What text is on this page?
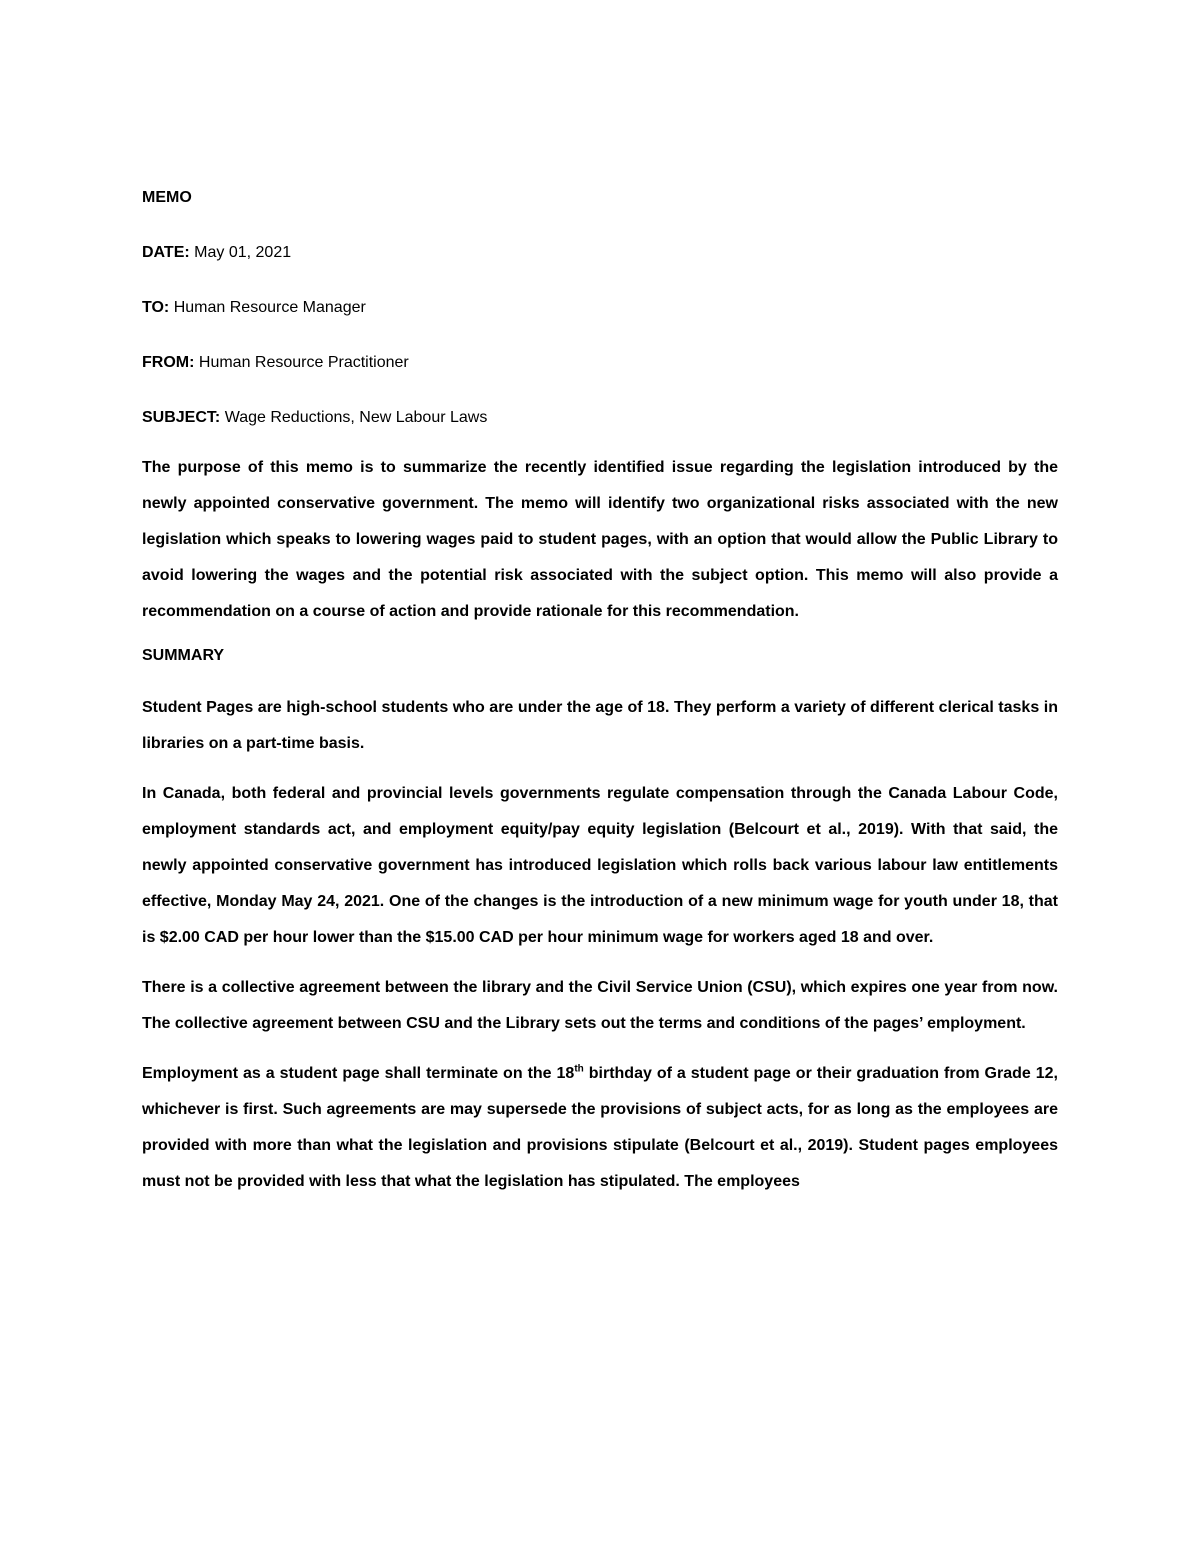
MEMO
DATE: May 01, 2021
TO: Human Resource Manager
FROM: Human Resource Practitioner
SUBJECT: Wage Reductions, New Labour Laws

The purpose of this memo is to summarize the recently identified issue regarding the legislation introduced by the newly appointed conservative government. The memo will identify two organizational risks associated with the new legislation which speaks to lowering wages paid to student pages, with an option that would allow the Public Library to avoid lowering the wages and the potential risk associated with the subject option. This memo will also provide a recommendation on a course of action and provide rationale for this recommendation.

SUMMARY

Student Pages are high-school students who are under the age of 18. They perform a variety of different clerical tasks in libraries on a part-time basis.

In Canada, both federal and provincial levels governments regulate compensation through the Canada Labour Code, employment standards act, and employment equity/pay equity legislation (Belcourt et al., 2019). With that said, the newly appointed conservative government has introduced legislation which rolls back various labour law entitlements effective, Monday May 24, 2021. One of the changes is the introduction of a new minimum wage for youth under 18, that is $2.00 CAD per hour lower than the $15.00 CAD per hour minimum wage for workers aged 18 and over.

There is a collective agreement between the library and the Civil Service Union (CSU), which expires one year from now. The collective agreement between CSU and the Library sets out the terms and conditions of the pages’ employment.

Employment as a student page shall terminate on the 18th birthday of a student page or their graduation from Grade 12, whichever is first. Such agreements are may supersede the provisions of subject acts, for as long as the employees are provided with more than what the legislation and provisions stipulate (Belcourt et al., 2019). Student pages employees must not be provided with less that what the legislation has stipulated. The employees
